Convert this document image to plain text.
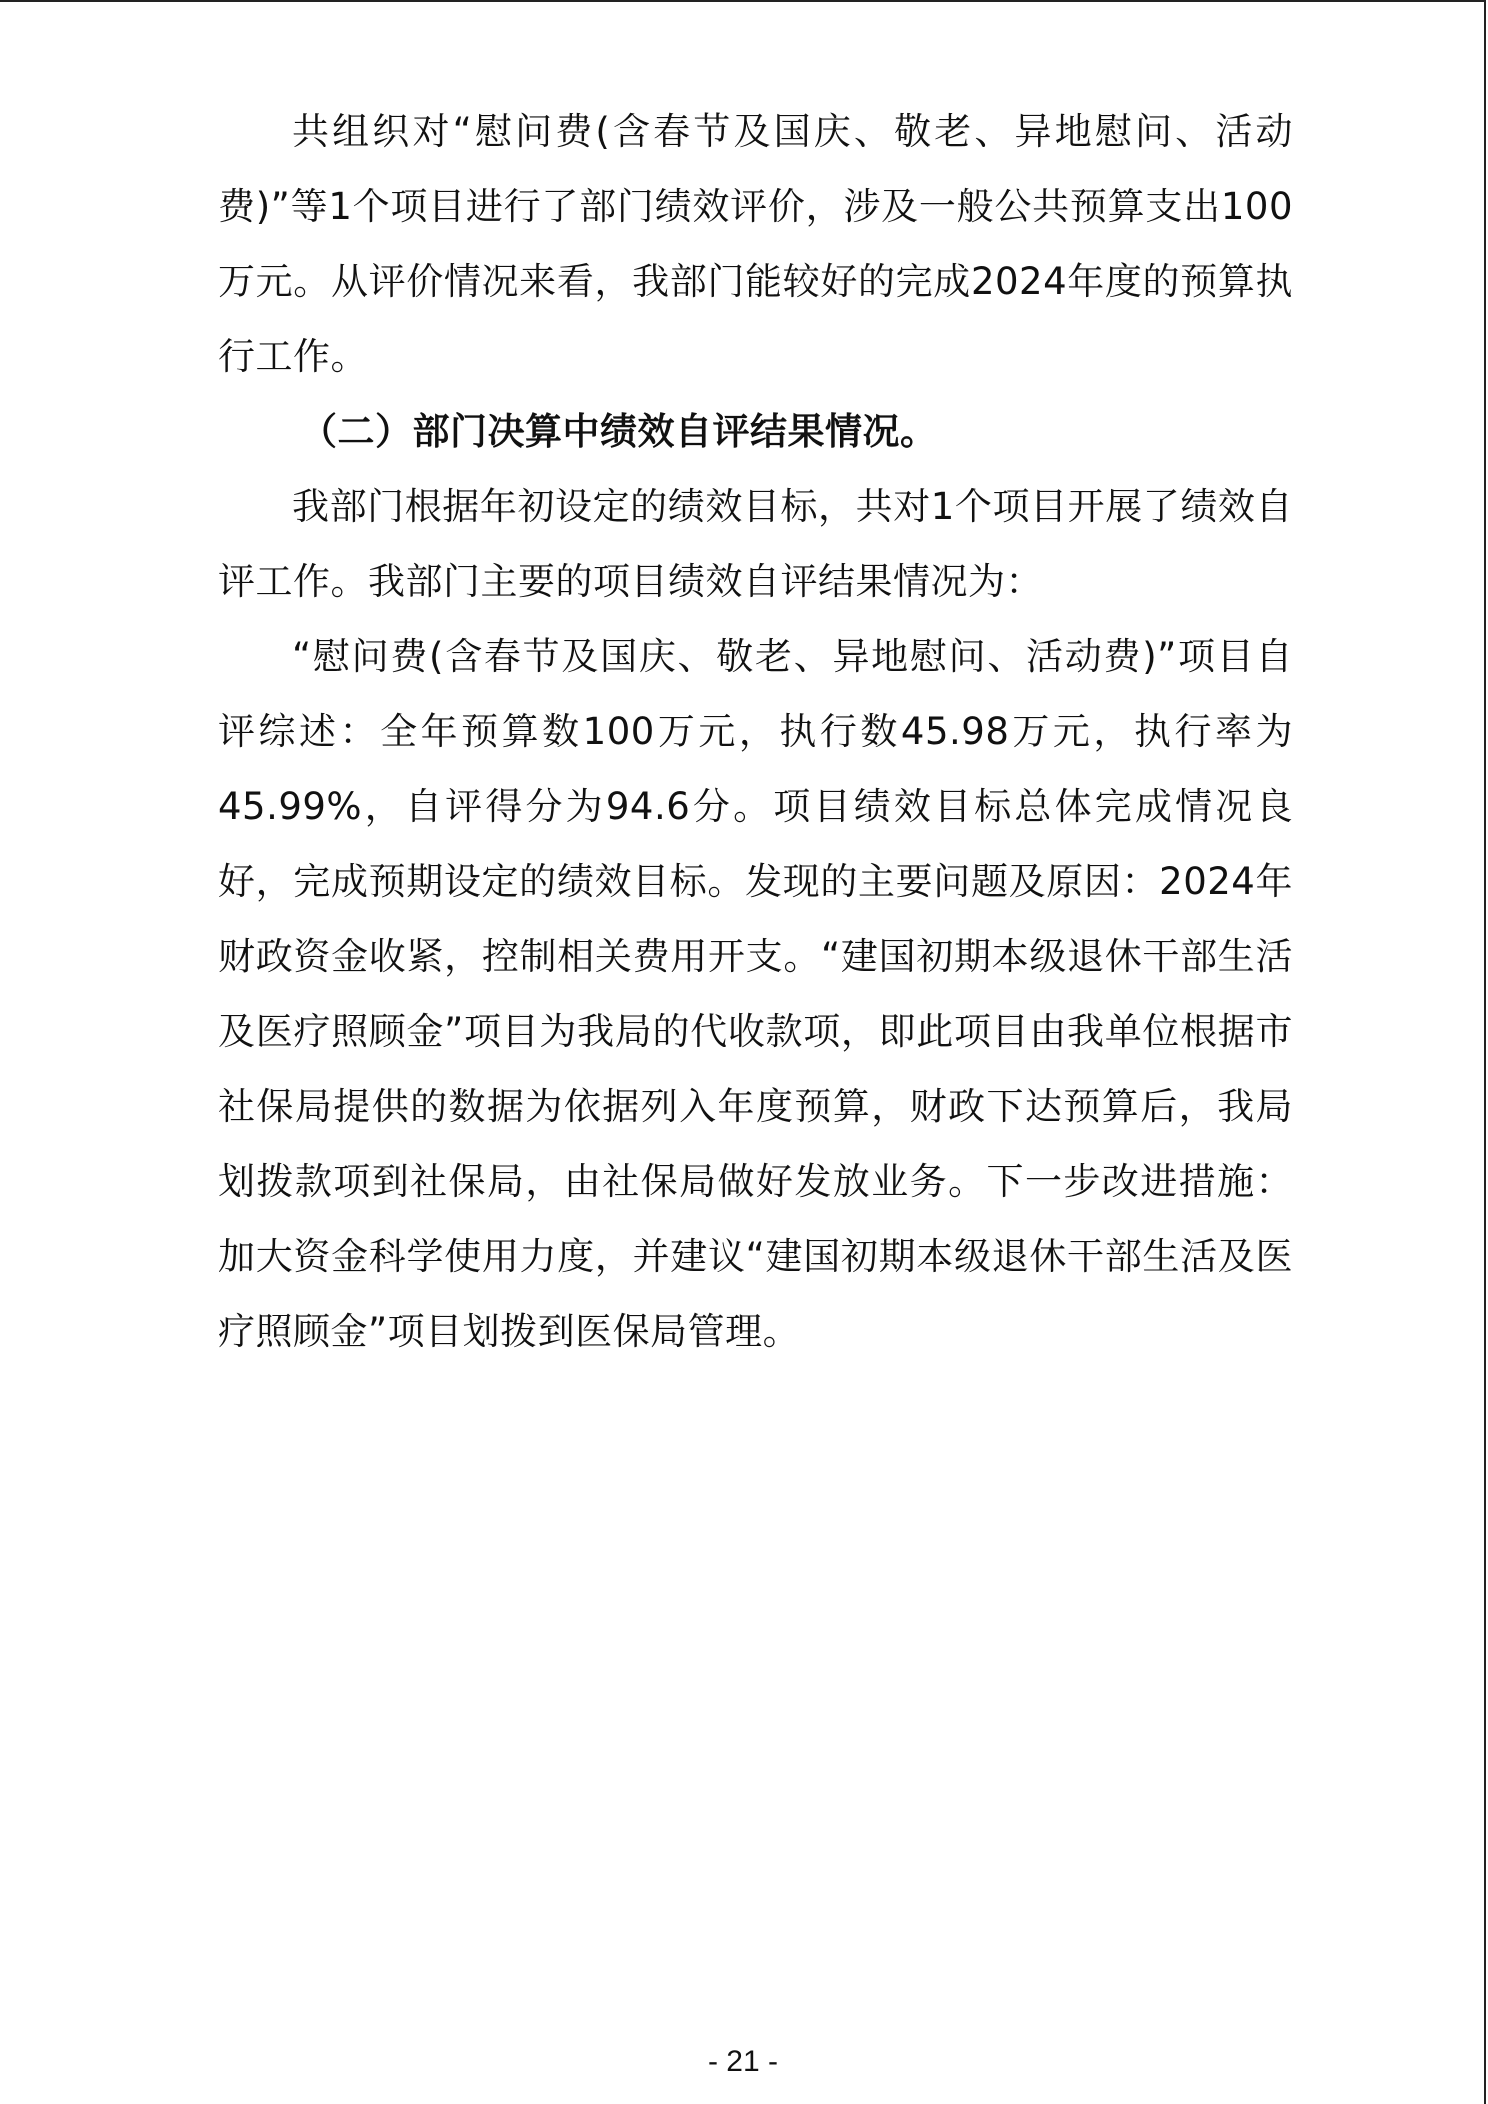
共组织对“慰问费(含春节及国庆、敬老、异地慰问、活动费)”等1个项目进行了部门绩效评价，涉及一般公共预算支出100万元。从评价情况来看，我部门能较好的完成2024年度的预算执行工作。

（二）部门决算中绩效自评结果情况。

我部门根据年初设定的绩效目标，共对1个项目开展了绩效自评工作。我部门主要的项目绩效自评结果情况为：

“慰问费(含春节及国庆、敬老、异地慰问、活动费)”项目自评综述：全年预算数100万元，执行数45.98万元，执行率为45.99%，自评得分为94.6分。项目绩效目标总体完成情况良好，完成预期设定的绩效目标。发现的主要问题及原因：2024年财政资金收紧，控制相关费用开支。“建国初期本级退休干部生活及医疗照顾金”项目为我局的代收款项，即此项目由我单位根据市社保局提供的数据为依据列入年度预算，财政下达预算后，我局划拨款项到社保局，由社保局做好发放业务。下一步改进措施：加大资金科学使用力度，并建议“建国初期本级退休干部生活及医疗照顾金”项目划拨到医保局管理。

- 21 -
